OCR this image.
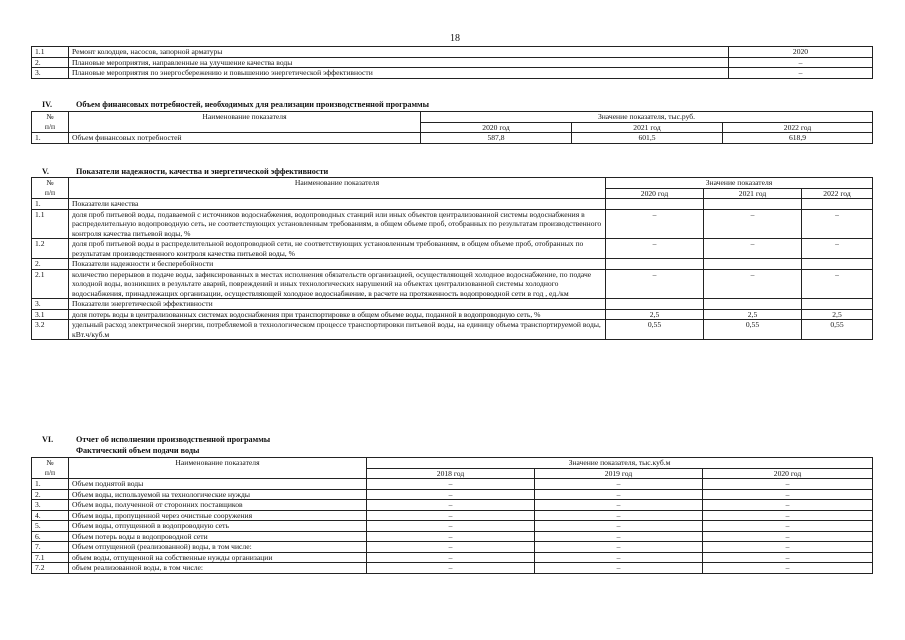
18
1.1	Ремонт колодцев, насосов, запорной арматуры	2020
2.	Плановые мероприятия, направленные на улучшение качества воды	–
3.	Плановые мероприятия по энергосбережению и повышению энергетической эффективности	–
IV.	Объем финансовых потребностей, необходимых для реализации производственной программы
№
п/п	Наименование показателя	Значение показателя, тыс.руб.		
		2020 год	2021 год	2022 год
1.	Объем финансовых потребностей	587,8	601,5	618,9
V.	Показатели надежности, качества и энергетической эффективности
№
п/п	Наименование показателя	Значение показателя		
		2020 год	2021 год	2022 год
1.	Показатели качества			
1.1	доля проб питьевой воды, подаваемой с источников водоснабжения, водопроводных станций или иных объектов централизованной системы водоснабжения в распределительную водопроводную сеть, не соответствующих установленным требованиям, в общем объеме проб, отобранных по результатам производственного контроля качества питьевой воды, %	–	–	–
1.2	доля проб питьевой воды в распределительной водопроводной сети, не соответствующих установленным требованиям, в общем объеме проб, отобранных по результатам производственного контроля качества питьевой воды, %	–	–	–
2.	Показатели надежности и бесперебойности			
2.1	количество перерывов в подаче воды, зафиксированных в местах исполнения обязательств организацией, осуществляющей холодное водоснабжение, по подаче холодной воды, возникших в результате аварий, повреждений и иных технологических нарушений на объектах централизованной системы холодного водоснабжения, принадлежащих организации, осуществляющей холодное водоснабжение, в расчете на протяженность водопроводной сети в год , ед./км	–	–	–
3.	Показатели энергетической эффективности			
3.1	доля потерь воды в централизованных системах водоснабжения при транспортировке в общем объеме воды, поданной в водопроводную сеть, %	2,5	2,5	2,5
3.2	удельный расход электрической энергии, потребляемой в технологическом процессе транспортировки питьевой воды, на единицу объема транспортируемой воды, кВт.ч/куб.м	0,55	0,55	0,55
VI.	Отчет об исполнении производственной программы
Фактический объем подачи воды
№
п/п	Наименование показателя	Значение показателя, тыс.куб.м		
		2018 год	2019 год	2020 год
1.	Объем поднятой воды	–	–	–
2.	Объем воды, используемой на технологические нужды	–	–	–
3.	Объем воды, полученной от сторонних поставщиков	–	–	–
4.	Объем воды, пропущенной через очистные сооружения	–	–	–
5.	Объем воды, отпущенной в водопроводную сеть	–	–	–
6.	Объем потерь воды в водопроводной сети	–	–	–
7.	Объем отпущенной (реализованной) воды, в том числе:	–	–	–
7.1	объем воды, отпущенной на собственные нужды организации	–	–	–
7.2	объем реализованной воды, в том числе:	–	–	–
